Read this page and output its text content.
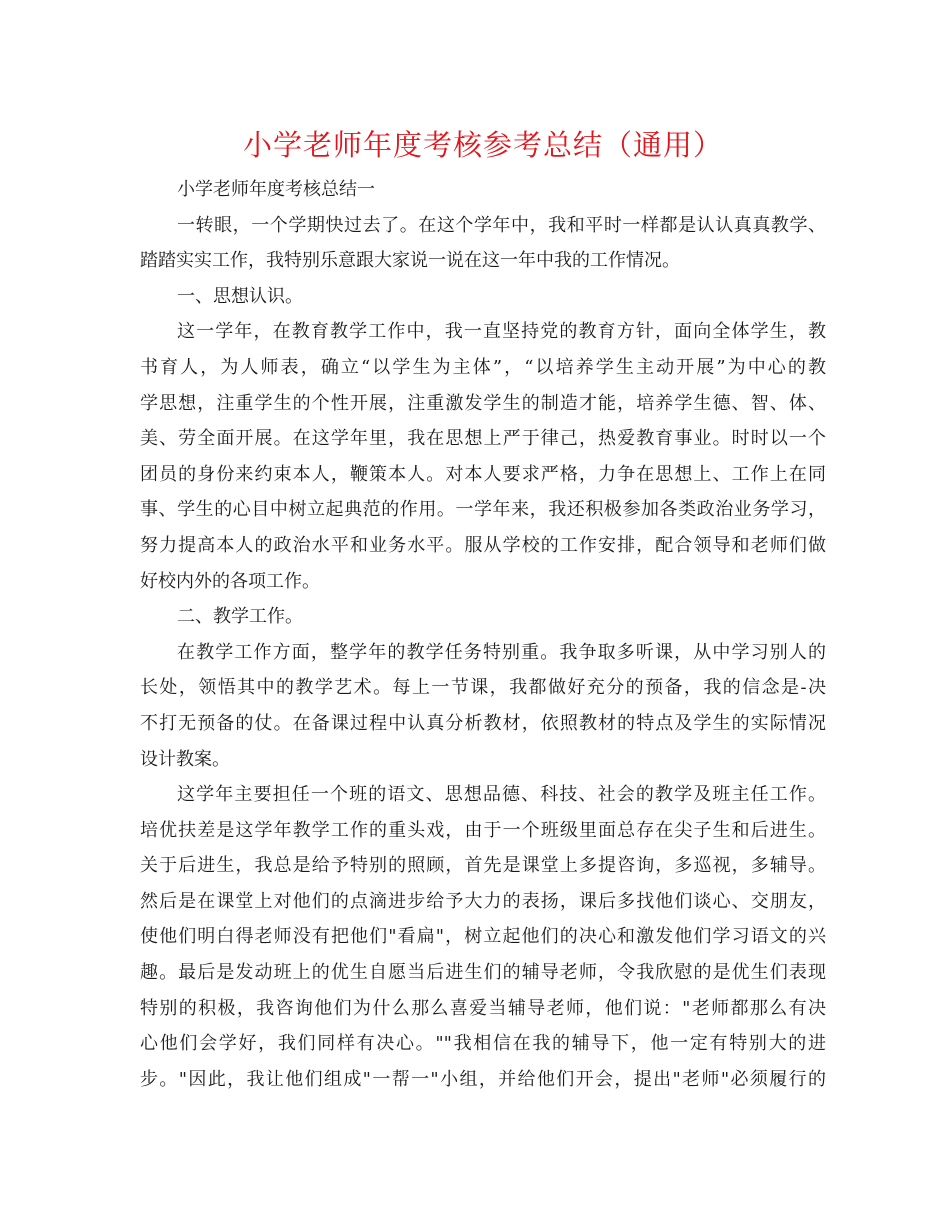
小学老师年度考核参考总结（通用）
小学老师年度考核总结一
一转眼，一个学期快过去了。在这个学年中，我和平时一样都是认认真真教学、
踏踏实实工作，我特别乐意跟大家说一说在这一年中我的工作情况。
一、思想认识。
这一学年，在教育教学工作中，我一直坚持党的教育方针，面向全体学生，教
书育人，为人师表，确立“以学生为主体”，“以培养学生主动开展”为中心的教
学思想，注重学生的个性开展，注重激发学生的制造才能，培养学生德、智、体、
美、劳全面开展。在这学年里，我在思想上严于律己，热爱教育事业。时时以一个
团员的身份来约束本人，鞭策本人。对本人要求严格，力争在思想上、工作上在同
事、学生的心目中树立起典范的作用。一学年来，我还积极参加各类政治业务学习，
努力提高本人的政治水平和业务水平。服从学校的工作安排，配合领导和老师们做
好校内外的各项工作。
二、教学工作。
在教学工作方面，整学年的教学任务特别重。我争取多听课，从中学习别人的
长处，领悟其中的教学艺术。每上一节课，我都做好充分的预备，我的信念是-决
不打无预备的仗。在备课过程中认真分析教材，依照教材的特点及学生的实际情况
设计教案。
这学年主要担任一个班的语文、思想品德、科技、社会的教学及班主任工作。
培优扶差是这学年教学工作的重头戏，由于一个班级里面总存在尖子生和后进生。
关于后进生，我总是给予特别的照顾，首先是课堂上多提咨询，多巡视，多辅导。
然后是在课堂上对他们的点滴进步给予大力的表扬，课后多找他们谈心、交朋友，
使他们明白得老师没有把他们"看扁"，树立起他们的决心和激发他们学习语文的兴
趣。最后是发动班上的优生自愿当后进生们的辅导老师，令我欣慰的是优生们表现
特别的积极，我咨询他们为什么那么喜爱当辅导老师，他们说："老师都那么有决
心他们会学好，我们同样有决心。""我相信在我的辅导下，他一定有特别大的进
步。"因此，我让他们组成"一帮一"小组，并给他们开会，提出"老师"必须履行的
